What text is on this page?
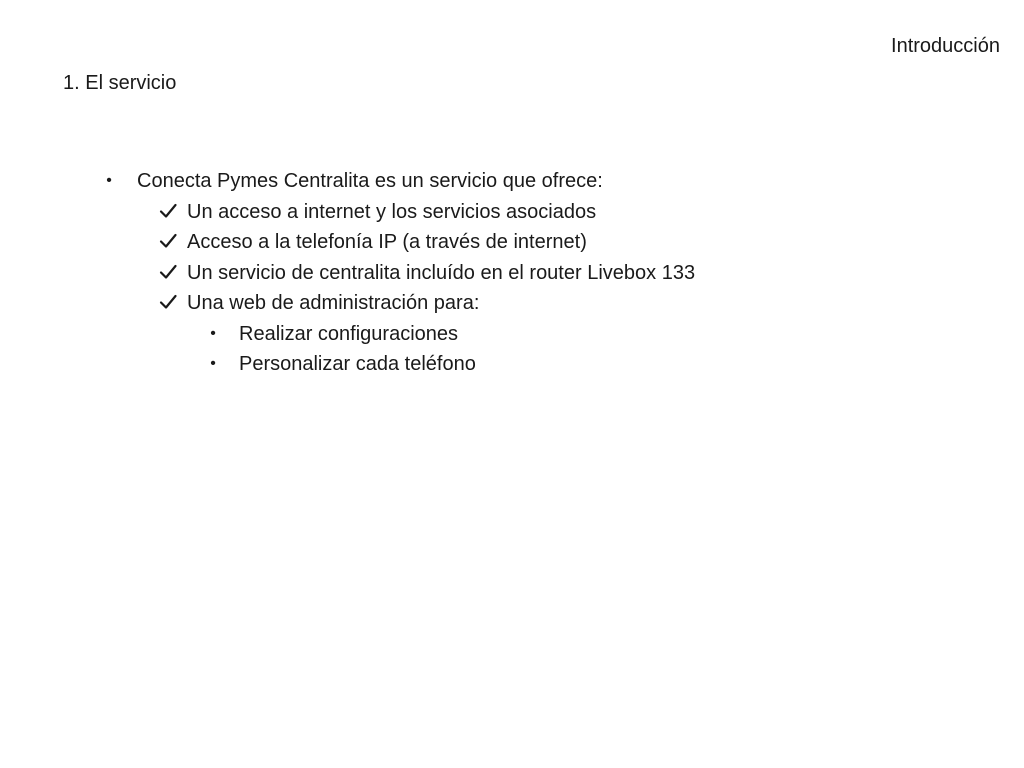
Introducción
1. El servicio
•	Conecta Pymes Centralita es un servicio que ofrece:
Un acceso a internet y los servicios asociados
Acceso a la telefonía IP (a través de internet)
Un servicio de centralita incluído en el router Livebox 133
Una web de administración para:
•	Realizar configuraciones
•	Personalizar cada teléfono
